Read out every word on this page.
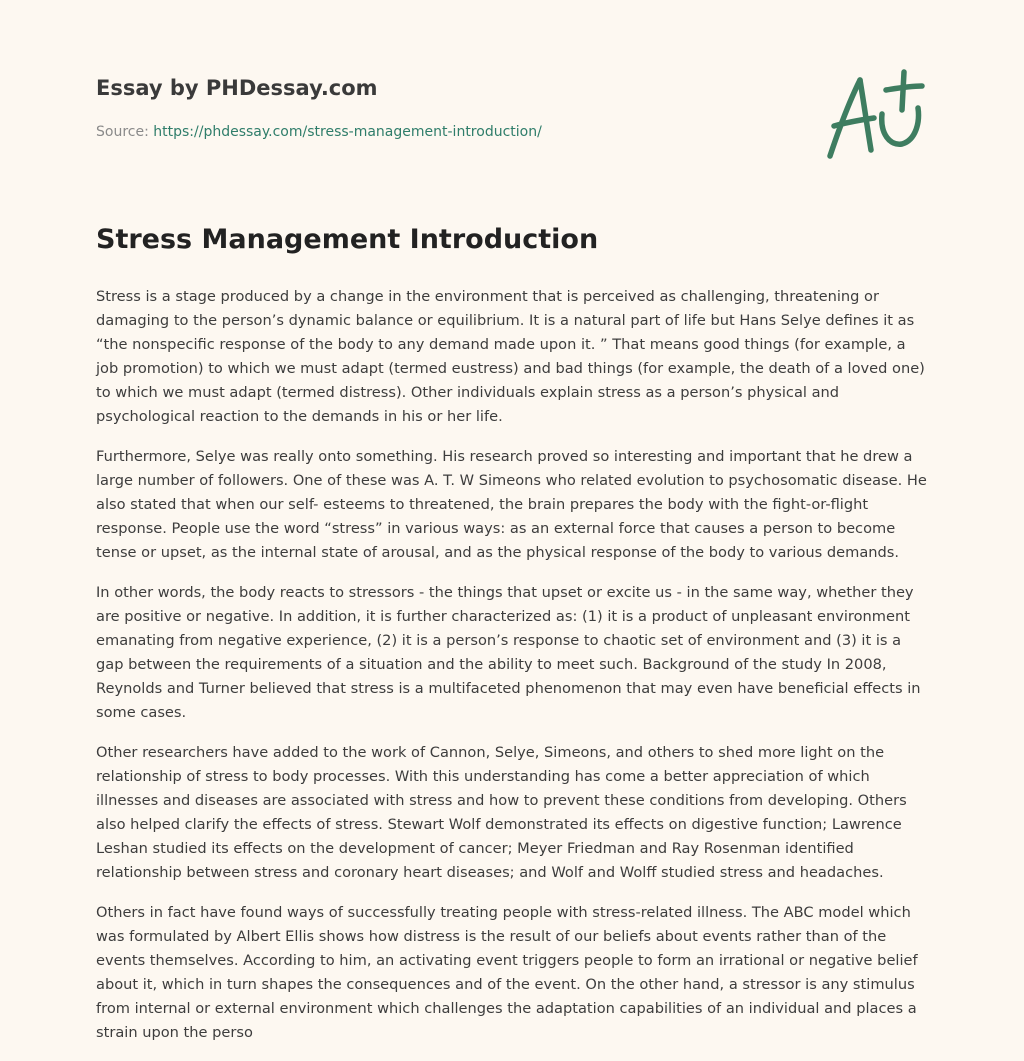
Essay by PHDessay.com
Source: https://phdessay.com/stress-management-introduction/
Stress Management Introduction

Stress is a stage produced by a change in the environment that is perceived as challenging, threatening or damaging to the person’s dynamic balance or equilibrium. It is a natural part of life but Hans Selye defines it as “the nonspecific response of the body to any demand made upon it. ” That means good things (for example, a job promotion) to which we must adapt (termed eustress) and bad things (for example, the death of a loved one) to which we must adapt (termed distress). Other individuals explain stress as a person’s physical and psychological reaction to the demands in his or her life.

Furthermore, Selye was really onto something. His research proved so interesting and important that he drew a large number of followers. One of these was A. T. W Simeons who related evolution to psychosomatic disease. He also stated that when our self- esteems to threatened, the brain prepares the body with the fight-or-flight response. People use the word “stress” in various ways: as an external force that causes a person to become tense or upset, as the internal state of arousal, and as the physical response of the body to various demands.

In other words, the body reacts to stressors - the things that upset or excite us - in the same way, whether they are positive or negative. In addition, it is further characterized as: (1) it is a product of unpleasant environment emanating from negative experience, (2) it is a person’s response to chaotic set of environment and (3) it is a gap between the requirements of a situation and the ability to meet such. Background of the study In 2008, Reynolds and Turner believed that stress is a multifaceted phenomenon that may even have beneficial effects in some cases.

Other researchers have added to the work of Cannon, Selye, Simeons, and others to shed more light on the relationship of stress to body processes. With this understanding has come a better appreciation of which illnesses and diseases are associated with stress and how to prevent these conditions from developing. Others also helped clarify the effects of stress. Stewart Wolf demonstrated its effects on digestive function; Lawrence Leshan studied its effects on the development of cancer; Meyer Friedman and Ray Rosenman identified relationship between stress and coronary heart diseases; and Wolf and Wolff studied stress and headaches.

Others in fact have found ways of successfully treating people with stress-related illness. The ABC model which was formulated by Albert Ellis shows how distress is the result of our beliefs about events rather than of the events themselves. According to him, an activating event triggers people to form an irrational or negative belief about it, which in turn shapes the consequences and of the event. On the other hand, a stressor is any stimulus from internal or external environment which challenges the adaptation capabilities of an individual and places a strain upon the perso
